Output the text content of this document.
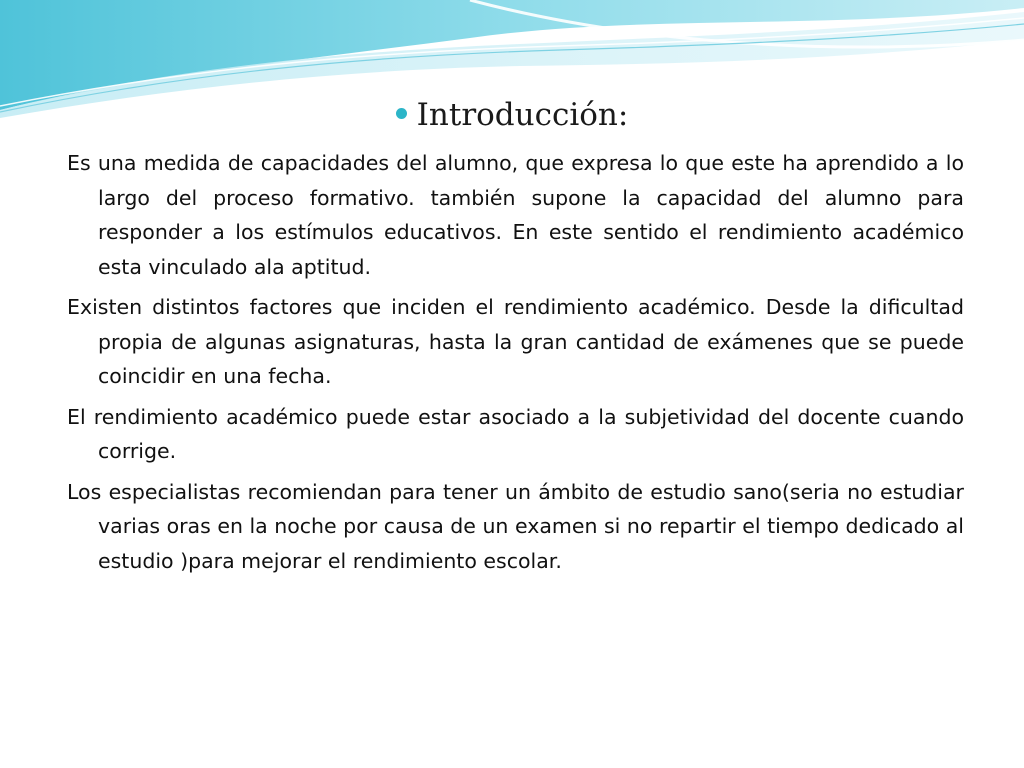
Introducción:

Es una medida de capacidades del alumno, que expresa lo que este ha aprendido a lo largo del proceso formativo. también supone la capacidad del alumno para responder a los estímulos educativos. En este sentido el rendimiento académico esta vinculado ala aptitud.

Existen distintos factores que inciden el rendimiento académico. Desde la dificultad propia de algunas asignaturas, hasta la gran cantidad de exámenes que se puede coincidir en una fecha.

El rendimiento académico puede estar asociado a la subjetividad del docente cuando corrige.

Los especialistas recomiendan para tener un ámbito de estudio sano(seria no estudiar varias oras en la noche por causa de un examen si no repartir el tiempo dedicado al estudio )para mejorar el rendimiento escolar.
